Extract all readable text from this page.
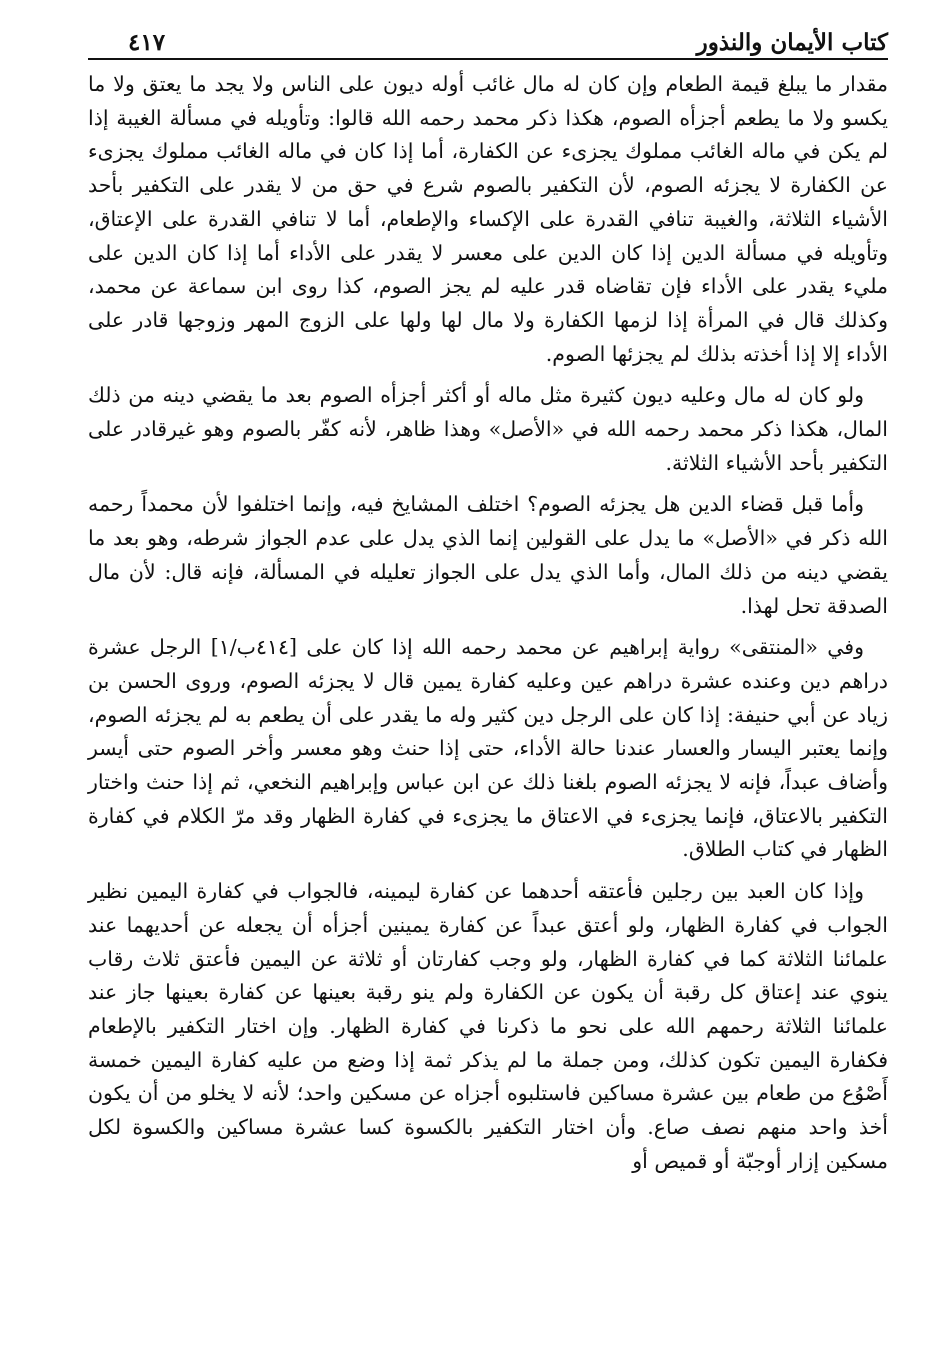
كتاب الأيمان والنذور
٤١٧

مقدار ما يبلغ قيمة الطعام وإن كان له مال غائب أوله ديون على الناس ولا يجد ما يعتق ولا ما يكسو ولا ما يطعم أجزأه الصوم، هكذا ذكر محمد رحمه الله قالوا: وتأويله في مسألة الغيبة إذا لم يكن في ماله الغائب مملوك يجزىء عن الكفارة، أما إذا كان في ماله الغائب مملوك يجزىء عن الكفارة لا يجزئه الصوم، لأن التكفير بالصوم شرع في حق من لا يقدر على التكفير بأحد الأشياء الثلاثة، والغيبة تنافي القدرة على الإكساء والإطعام، أما لا تنافي القدرة على الإعتاق، وتأويله في مسألة الدين إذا كان الدين على معسر لا يقدر على الأداء أما إذا كان الدين على مليء يقدر على الأداء فإن تقاضاه قدر عليه لم يجز الصوم، كذا روى ابن سماعة عن محمد، وكذلك قال في المرأة إذا لزمها الكفارة ولا مال لها ولها على الزوج المهر وزوجها قادر على الأداء إلا إذا أخذته بذلك لم يجزئها الصوم.

ولو كان له مال وعليه ديون كثيرة مثل ماله أو أكثر أجزأه الصوم بعد ما يقضي دينه من ذلك المال، هكذا ذكر محمد رحمه الله في «الأصل» وهذا ظاهر، لأنه كفّر بالصوم وهو غيرقادر على التكفير بأحد الأشياء الثلاثة.

وأما قبل قضاء الدين هل يجزئه الصوم؟ اختلف المشايخ فيه، وإنما اختلفوا لأن محمداً رحمه الله ذكر في «الأصل» ما يدل على القولين إنما الذي يدل على عدم الجواز شرطه، وهو بعد ما يقضي دينه من ذلك المال، وأما الذي يدل على الجواز تعليله في المسألة، فإنه قال: لأن مال الصدقة تحل لهذا.

وفي «المنتقى» رواية إبراهيم عن محمد رحمه الله إذا كان على [٤١٤ب/١] الرجل عشرة دراهم دين وعنده عشرة دراهم عين وعليه كفارة يمين قال لا يجزئه الصوم، وروى الحسن بن زياد عن أبي حنيفة: إذا كان على الرجل دين كثير وله ما يقدر على أن يطعم به لم يجزئه الصوم، وإنما يعتبر اليسار والعسار عندنا حالة الأداء، حتى إذا حنث وهو معسر وأخر الصوم حتى أيسر وأضاف عبداً، فإنه لا يجزئه الصوم بلغنا ذلك عن ابن عباس وإبراهيم النخعي، ثم إذا حنث واختار التكفير بالاعتاق، فإنما يجزىء في الاعتاق ما يجزىء في كفارة الظهار وقد مرّ الكلام في كفارة الظهار في كتاب الطلاق.

وإذا كان العبد بين رجلين فأعتقه أحدهما عن كفارة ليمينه، فالجواب في كفارة اليمين نظير الجواب في كفارة الظهار، ولو أعتق عبداً عن كفارة يمينين أجزأه أن يجعله عن أحديهما عند علمائنا الثلاثة كما في كفارة الظهار، ولو وجب كفارتان أو ثلاثة عن اليمين فأعتق ثلاث رقاب ينوي عند إعتاق كل رقبة أن يكون عن الكفارة ولم ينو رقبة بعينها عن كفارة بعينها جاز عند علمائنا الثلاثة رحمهم الله على نحو ما ذكرنا في كفارة الظهار. وإن اختار التكفير بالإطعام فكفارة اليمين تكون كذلك، ومن جملة ما لم يذكر ثمة إذا وضع من عليه كفارة اليمين خمسة أَصْوُع من طعام بين عشرة مساكين فاستلبوه أجزاه عن مسكين واحد؛ لأنه لا يخلو من أن يكون أخذ واحد منهم نصف صاع. وأن اختار التكفير بالكسوة كسا عشرة مساكين والكسوة لكل مسكين إزار أوجبّة أو قميص أو
